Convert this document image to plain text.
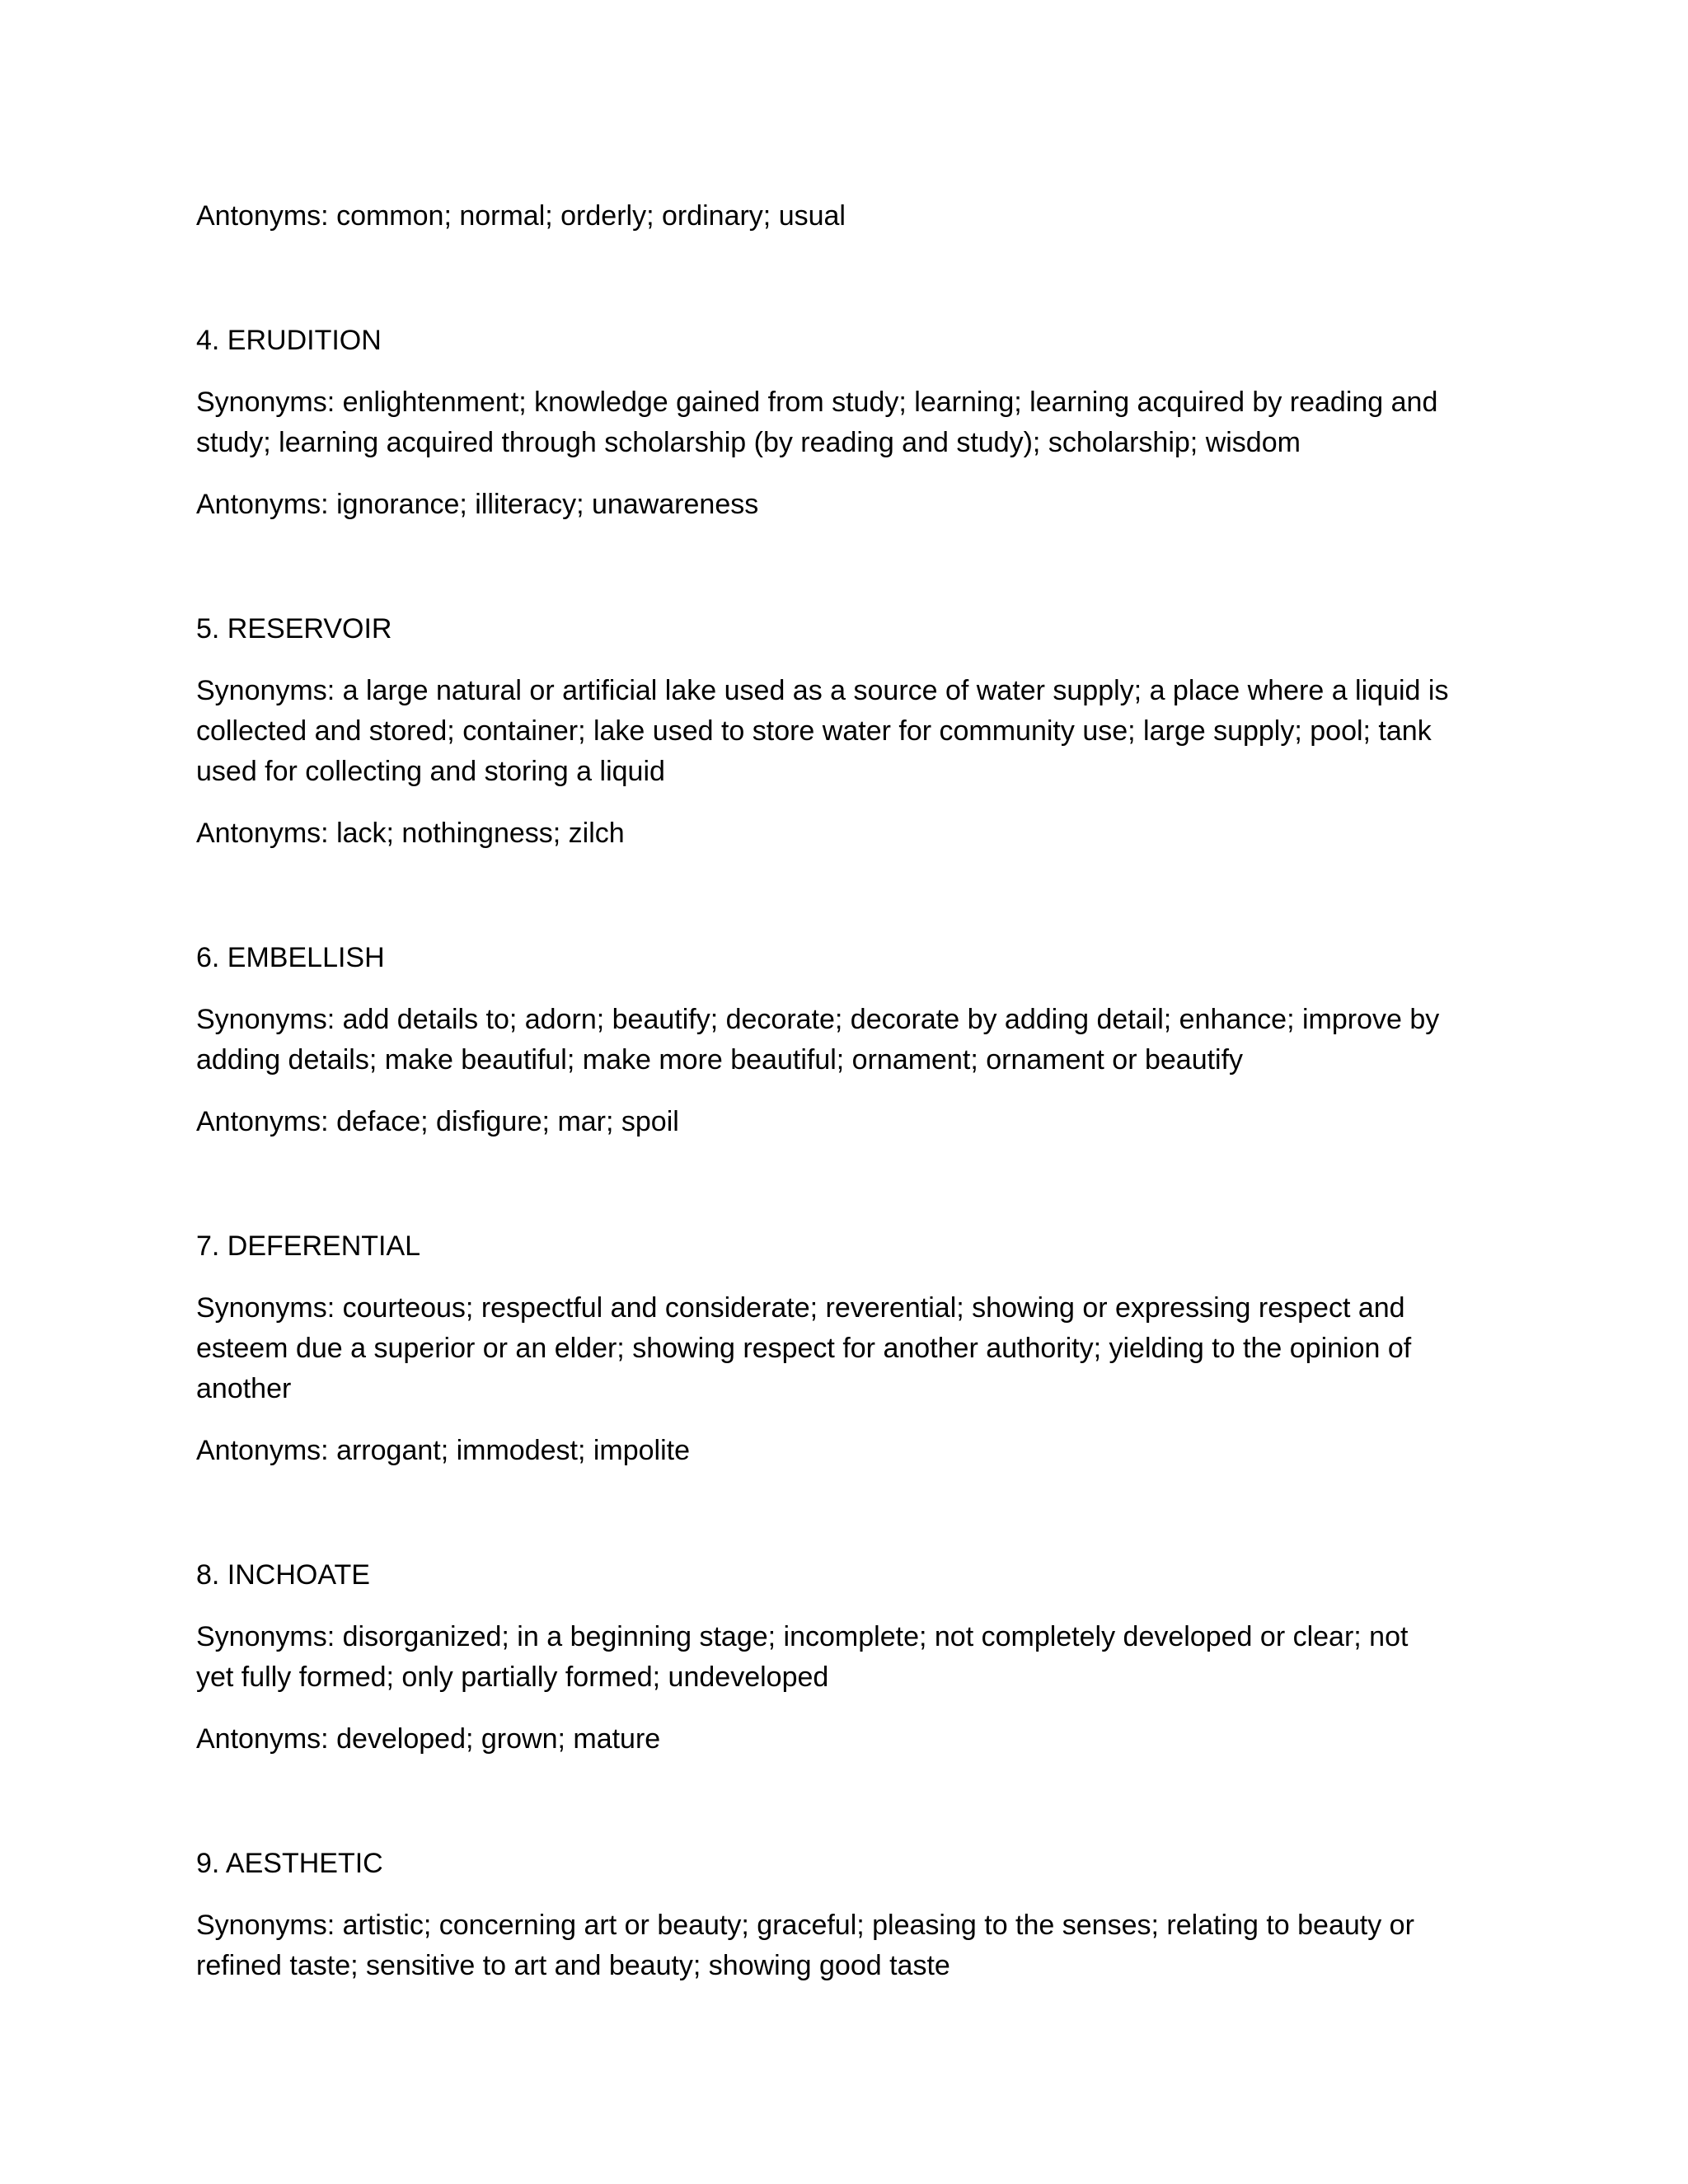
Antonyms: common; normal; orderly; ordinary; usual

4. ERUDITION

Synonyms: enlightenment; knowledge gained from study; learning; learning acquired by reading and study; learning acquired through scholarship (by reading and study); scholarship; wisdom

Antonyms: ignorance; illiteracy; unawareness

5. RESERVOIR

Synonyms: a large natural or artificial lake used as a source of water supply; a place where a liquid is collected and stored; container; lake used to store water for community use; large supply; pool; tank used for collecting and storing a liquid

Antonyms: lack; nothingness; zilch

6. EMBELLISH

Synonyms: add details to; adorn; beautify; decorate; decorate by adding detail; enhance; improve by adding details; make beautiful; make more beautiful; ornament; ornament or beautify

Antonyms: deface; disfigure; mar; spoil

7. DEFERENTIAL

Synonyms: courteous; respectful and considerate; reverential; showing or expressing respect and esteem due a superior or an elder; showing respect for another authority; yielding to the opinion of another

Antonyms: arrogant; immodest; impolite

8. INCHOATE

Synonyms: disorganized; in a beginning stage; incomplete; not completely developed or clear; not yet fully formed; only partially formed; undeveloped

Antonyms: developed; grown; mature

9. AESTHETIC

Synonyms: artistic; concerning art or beauty; graceful; pleasing to the senses; relating to beauty or refined taste; sensitive to art and beauty; showing good taste
